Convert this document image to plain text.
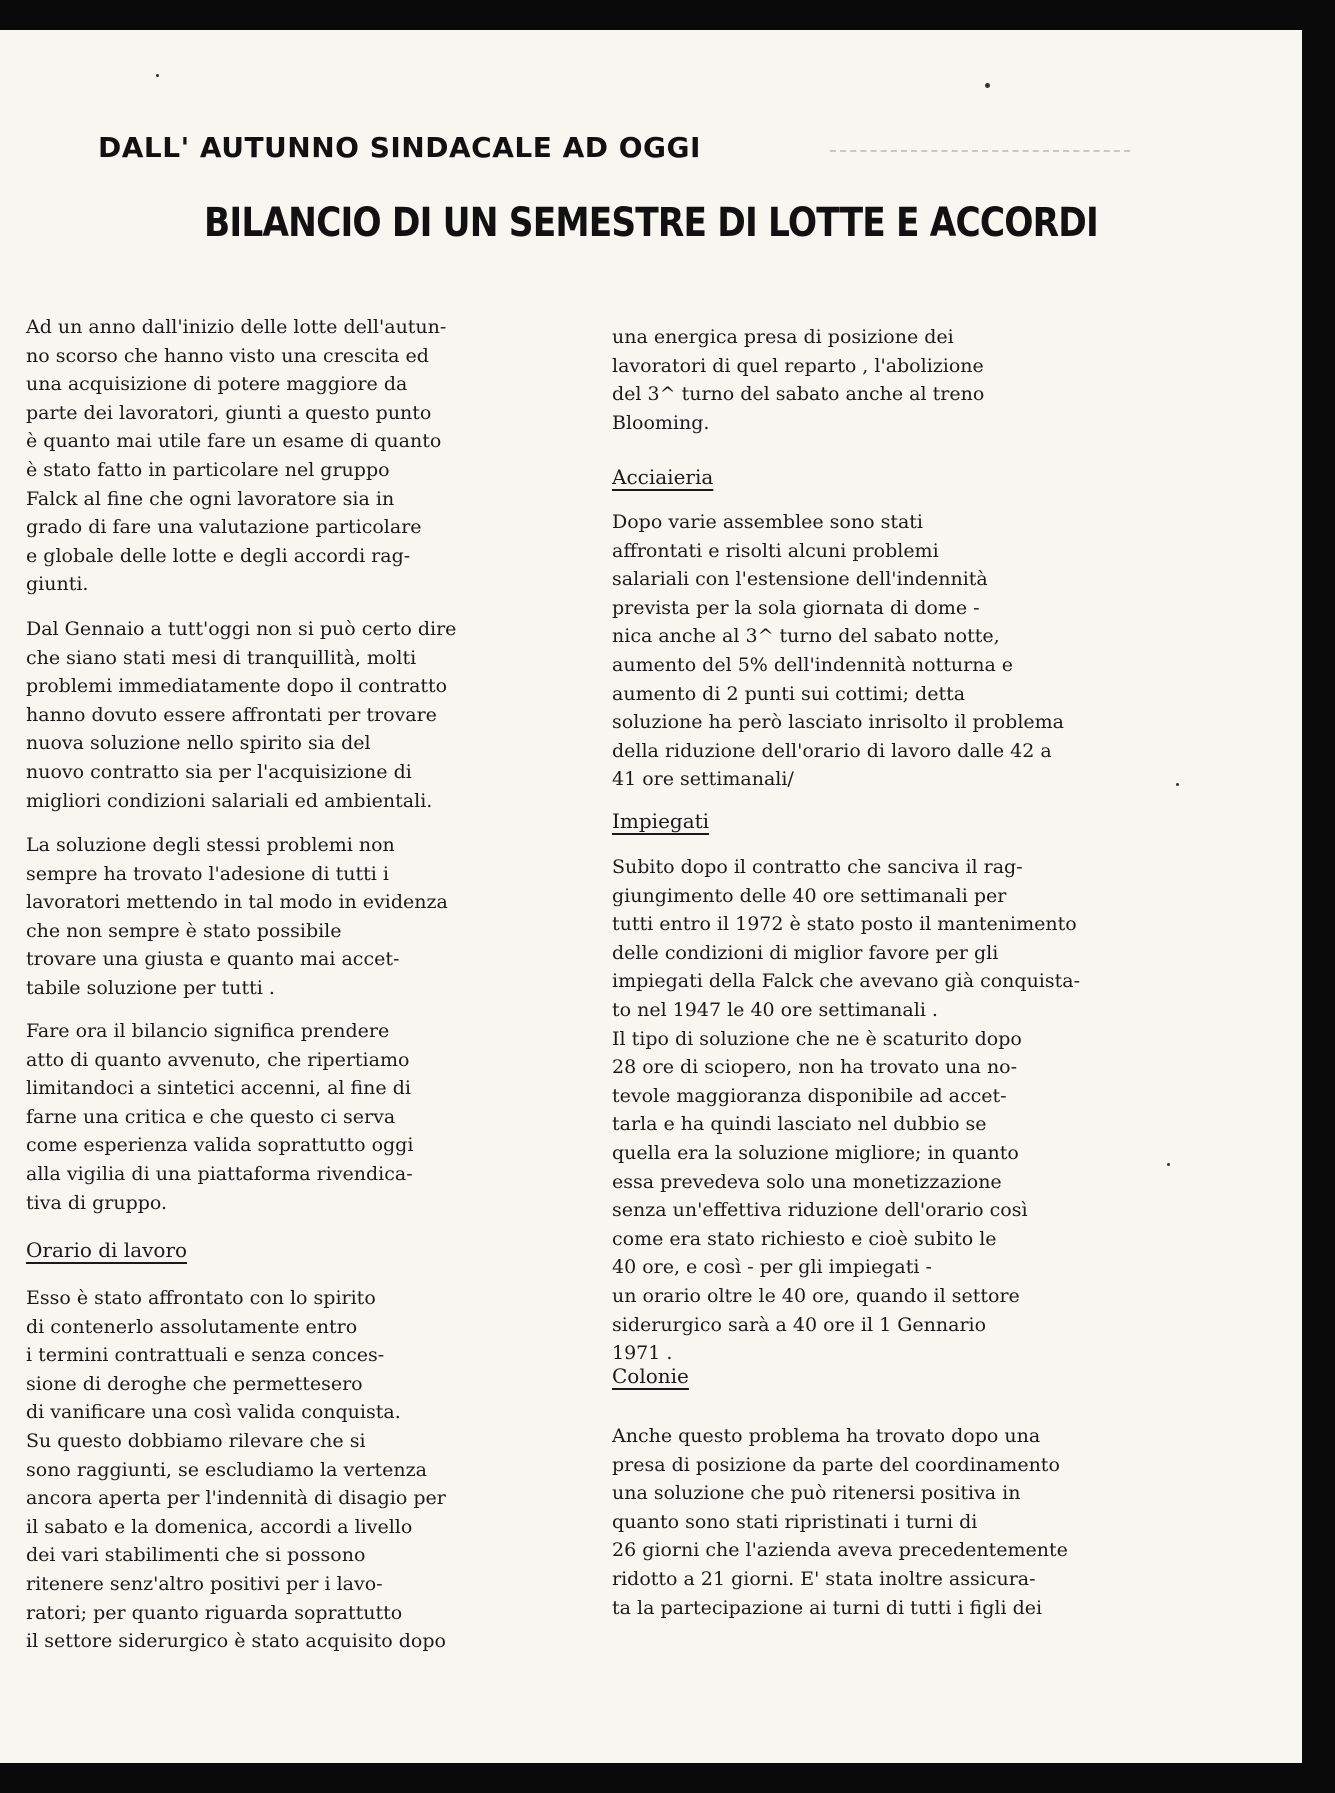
DALL' AUTUNNO SINDACALE AD OGGI
BILANCIO DI UN SEMESTRE DI LOTTE E ACCORDI

Ad un anno dall'inizio delle lotte dell'autun-
no scorso che hanno visto una crescita ed
una acquisizione di potere maggiore da
parte dei lavoratori, giunti a questo punto
è quanto mai utile fare un esame di quanto
è stato fatto in particolare nel gruppo
Falck al fine che ogni lavoratore sia in
grado di fare una valutazione particolare
e globale delle lotte e degli accordi rag-
giunti.

Dal Gennaio a tutt'oggi non si può certo dire
che siano stati mesi di tranquillità, molti
problemi immediatamente dopo il contratto
hanno dovuto essere affrontati per trovare
nuova soluzione nello spirito sia del
nuovo contratto sia per l'acquisizione di
migliori condizioni salariali ed ambientali.

La soluzione degli stessi problemi non
sempre ha trovato l'adesione di tutti i
lavoratori mettendo in tal modo in evidenza
che non sempre è stato possibile
trovare una giusta e quanto mai accet-
tabile soluzione per tutti .

Fare ora il bilancio significa prendere
atto di quanto avvenuto, che ripertiamo
limitandoci a sintetici accenni, al fine di
farne una critica e che questo ci serva
come esperienza valida soprattutto oggi
alla vigilia di una piattaforma rivendica-
tiva di gruppo.

Orario di lavoro

Esso è stato affrontato con lo spirito
di contenerlo assolutamente entro
i termini contrattuali e senza conces-
sione di deroghe che permettesero
di vanificare una così valida conquista.
Su questo dobbiamo rilevare che si
sono raggiunti, se escludiamo la vertenza
ancora aperta per l'indennità di disagio per
il sabato e la domenica, accordi a livello
dei vari stabilimenti che si possono
ritenere senz'altro positivi per i lavo-
ratori; per quanto riguarda soprattutto
il settore siderurgico è stato acquisito dopo

una energica presa di posizione dei
lavoratori di quel reparto , l'abolizione
del 3^ turno del sabato anche al treno
Blooming.

Acciaieria

Dopo varie assemblee sono stati
affrontati e risolti alcuni problemi
salariali con l'estensione dell'indennità
prevista per la sola giornata di dome -
nica anche al 3^ turno del sabato notte,
aumento del 5% dell'indennità notturna e
aumento di 2 punti sui cottimi; detta
soluzione ha però lasciato inrisolto il problema
della riduzione dell'orario di lavoro dalle 42 a
41 ore settimanali/

Impiegati

Subito dopo il contratto che sanciva il rag-
giungimento delle 40 ore settimanali per
tutti entro il 1972 è stato posto il mantenimento
delle condizioni di miglior favore per gli
impiegati della Falck che avevano già conquista-
to nel 1947 le 40 ore settimanali .
Il tipo di soluzione che ne è scaturito dopo
28 ore di sciopero, non ha trovato una no-
tevole maggioranza disponibile ad accet-
tarla e ha quindi lasciato nel dubbio se
quella era la soluzione migliore; in quanto
essa prevedeva solo una monetizzazione
senza un'effettiva riduzione dell'orario così
come era stato richiesto e cioè subito le
40 ore, e così - per gli impiegati -
un orario oltre le 40 ore, quando il settore
siderurgico sarà a 40 ore il 1 Gennario
1971 .

Colonie

Anche questo problema ha trovato dopo una
presa di posizione da parte del coordinamento
una soluzione che può ritenersi positiva in
quanto sono stati ripristinati i turni di
26 giorni che l'azienda aveva precedentemente
ridotto a 21 giorni. E' stata inoltre assicura-
ta la partecipazione ai turni di tutti i figli dei
